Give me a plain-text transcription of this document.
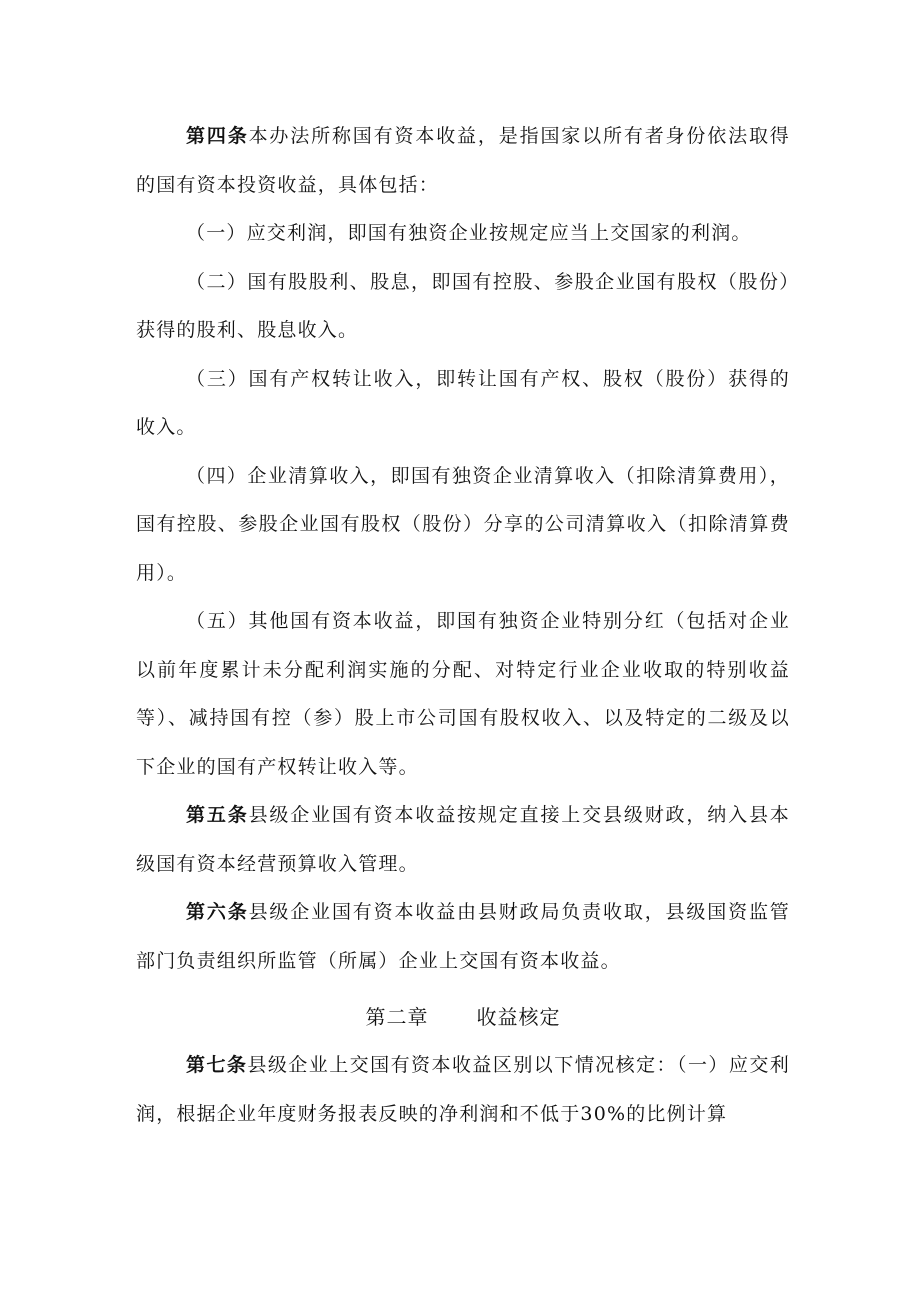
第四条本办法所称国有资本收益，是指国家以所有者身份依法取得的国有资本投资收益，具体包括：

（一）应交利润，即国有独资企业按规定应当上交国家的利润。

（二）国有股股利、股息，即国有控股、参股企业国有股权（股份）获得的股利、股息收入。

（三）国有产权转让收入，即转让国有产权、股权（股份）获得的收入。

（四）企业清算收入，即国有独资企业清算收入（扣除清算费用），国有控股、参股企业国有股权（股份）分享的公司清算收入（扣除清算费用）。

（五）其他国有资本收益，即国有独资企业特别分红（包括对企业以前年度累计未分配利润实施的分配、对特定行业企业收取的特别收益等）、减持国有控（参）股上市公司国有股权收入、以及特定的二级及以下企业的国有产权转让收入等。

第五条县级企业国有资本收益按规定直接上交县级财政，纳入县本级国有资本经营预算收入管理。

第六条县级企业国有资本收益由县财政局负责收取，县级国资监管部门负责组织所监管（所属）企业上交国有资本收益。

第二章 收益核定

第七条县级企业上交国有资本收益区别以下情况核定：（一）应交利润，根据企业年度财务报表反映的净利润和不低于30%的比例计算
